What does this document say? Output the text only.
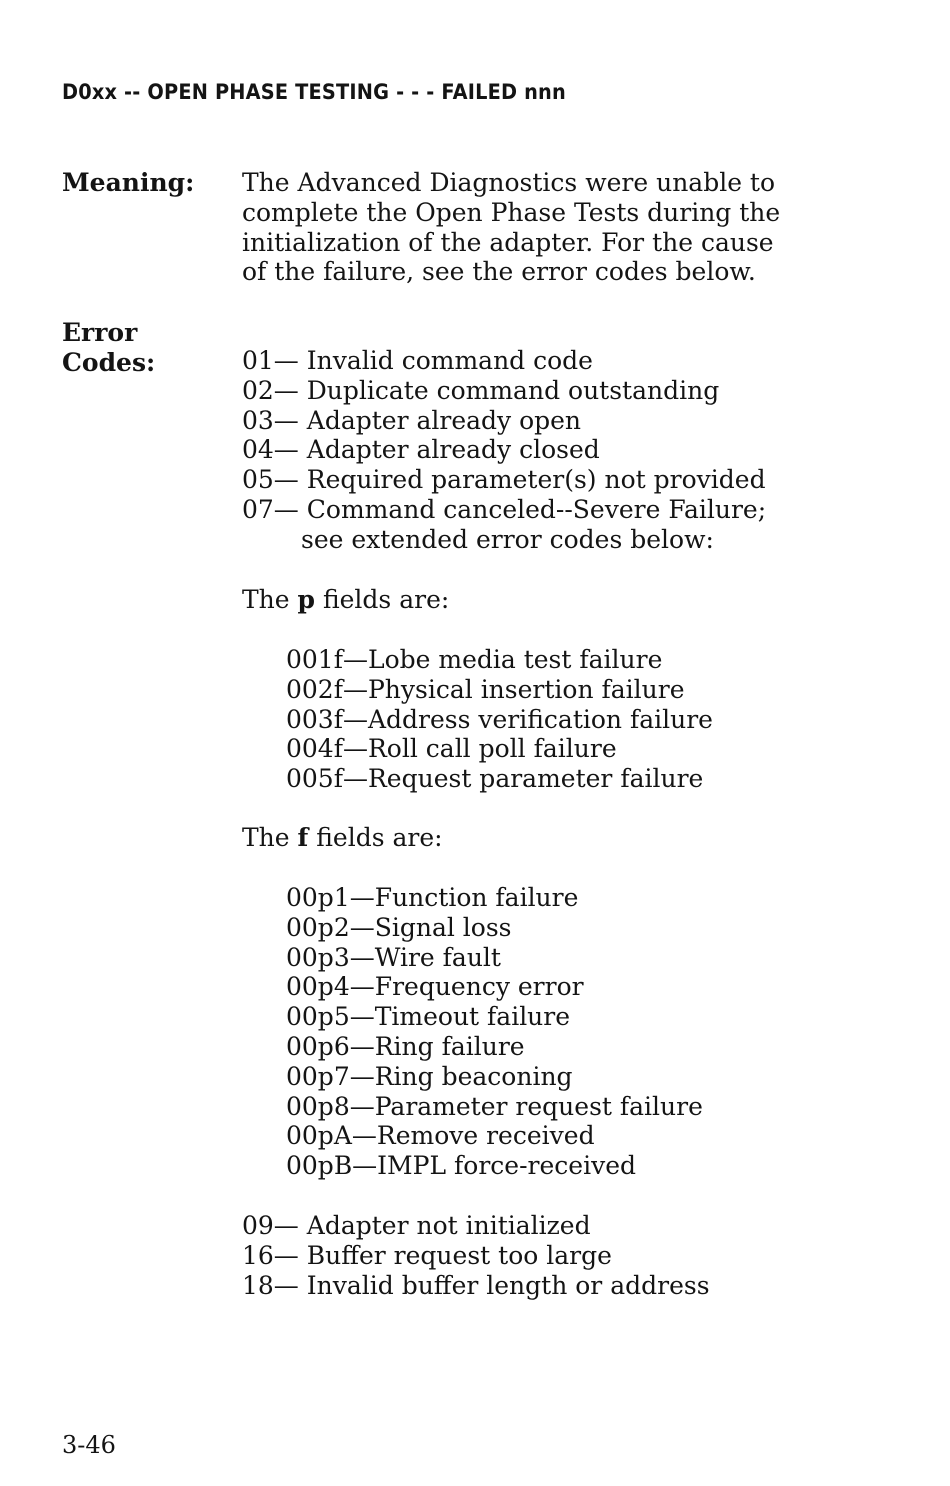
D0xx -- OPEN PHASE TESTING - - - FAILED nnn

Meaning: The Advanced Diagnostics were unable to
complete the Open Phase Tests during the
initialization of the adapter. For the cause
of the failure, see the error codes below.

Error

Codes:	01— Invalid command code
02— Duplicate command outstanding
03— Adapter already open
04— Adapter already closed
05— Required parameter(s) not provided
07— Command canceled--Severe Failure;
see extended error codes below:

The p fields are:

001f—Lobe media test failure
002f—Physical insertion failure
003f—Address verification failure
004f—Roll call poll failure
005f—Request parameter failure

The f fields are:

00p1—Function failure
00p2—Signal loss
00p3—Wire fault
00p4—Frequency error
00p5—Timeout failure
00p6—Ring failure
00p7—Ring beaconing
00p8—Parameter request failure
00pA—Remove received
00pB—IMPL force-received
09— Adapter not initialized
16— Buffer request too large
18— Invalid buffer length or address

3-46
